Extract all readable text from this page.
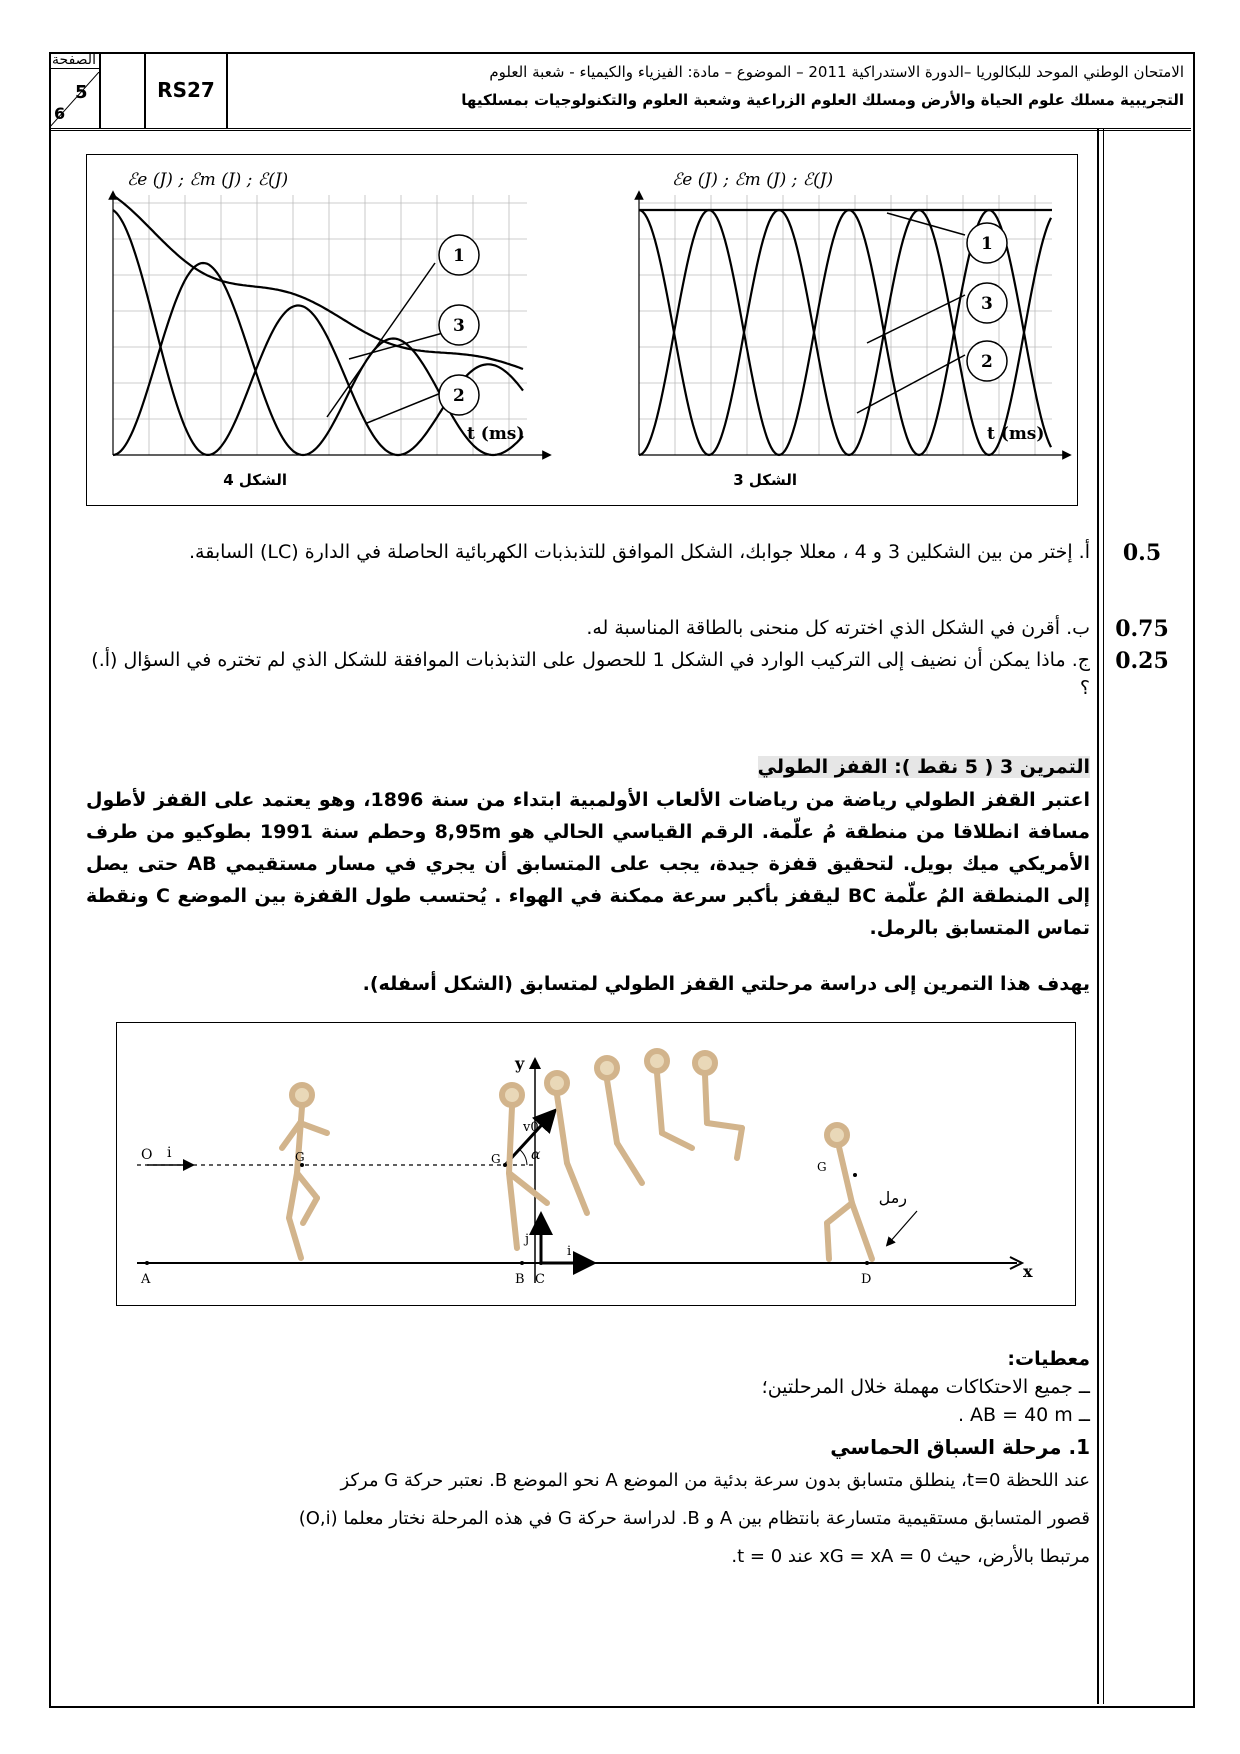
الصفحة
5
6
RS27
الامتحان الوطني الموحد للبكالوريا –الدورة الاستدراكية 2011 – الموضوع – مادة: الفيزياء والكيمياء - شعبة العلوم
التجريبية مسلك علوم الحياة والأرض ومسلك العلوم الزراعية وشعبة العلوم والتكنولوجيات بمسلكيها
1
3
2
1
3
2
ℰe (J) ; ℰm (J) ; ℰ(J)	ℰe (J) ; ℰm (J) ; ℰ(J)
t (ms)	t (ms)
الشكل 4	الشكل 3
أ. إختر من بين الشكلين 3 و 4 ، معللا جوابك، الشكل الموافق للتذبذبات الكهربائية الحاصلة في الدارة (LC) السابقة.	0.5
ب. أقرن في الشكل الذي اخترته كل منحنى بالطاقة المناسبة له. 0.75
ج. ماذا يمكن أن نضيف إلى التركيب الوارد في الشكل 1 للحصول على التذبذبات الموافقة للشكل الذي لم تختره في السؤال (أ.) ؟
0.25
التمرين 3 ( 5 نقط ): القفز الطولي
اعتبر القفز الطولي رياضة من رياضات الألعاب الأولمبية ابتداء من سنة 1896، وهو يعتمد على القفز لأطول مسافة انطلاقا من منطقة مُ علّمة. الرقم القياسي الحالي هو 8,95m وحطم سنة 1991 بطوكيو من طرف الأمريكي ميك بويل. لتحقيق قفزة جيدة، يجب على المتسابق أن يجري في مسار مستقيمي AB حتى يصل إلى المنطقة المُ علّمة BC ليقفز بأكبر سرعة ممكنة في الهواء . يُحتسب طول القفزة بين الموضع C ونقطة تماس المتسابق بالرمل.
يهدف هذا التمرين إلى دراسة مرحلتي القفز الطولي لمتسابق (الشكل أسفله).
O i	G	G
G
v0
α
y
x
j
i
A	B C	D
رمل
معطيات:
ــ جميع الاحتكاكات مهملة خلال المرحلتين؛
ــ AB = 40 m .
1. مرحلة السباق الحماسي
عند اللحظة t=0، ينطلق متسابق بدون سرعة بدئية من الموضع A نحو الموضع B. نعتبر حركة G مركز
قصور المتسابق مستقيمية متسارعة بانتظام بين A و B. لدراسة حركة G في هذه المرحلة نختار معلما (O,i)
مرتبطا بالأرض، حيث xG = xA = 0 عند t = 0.
